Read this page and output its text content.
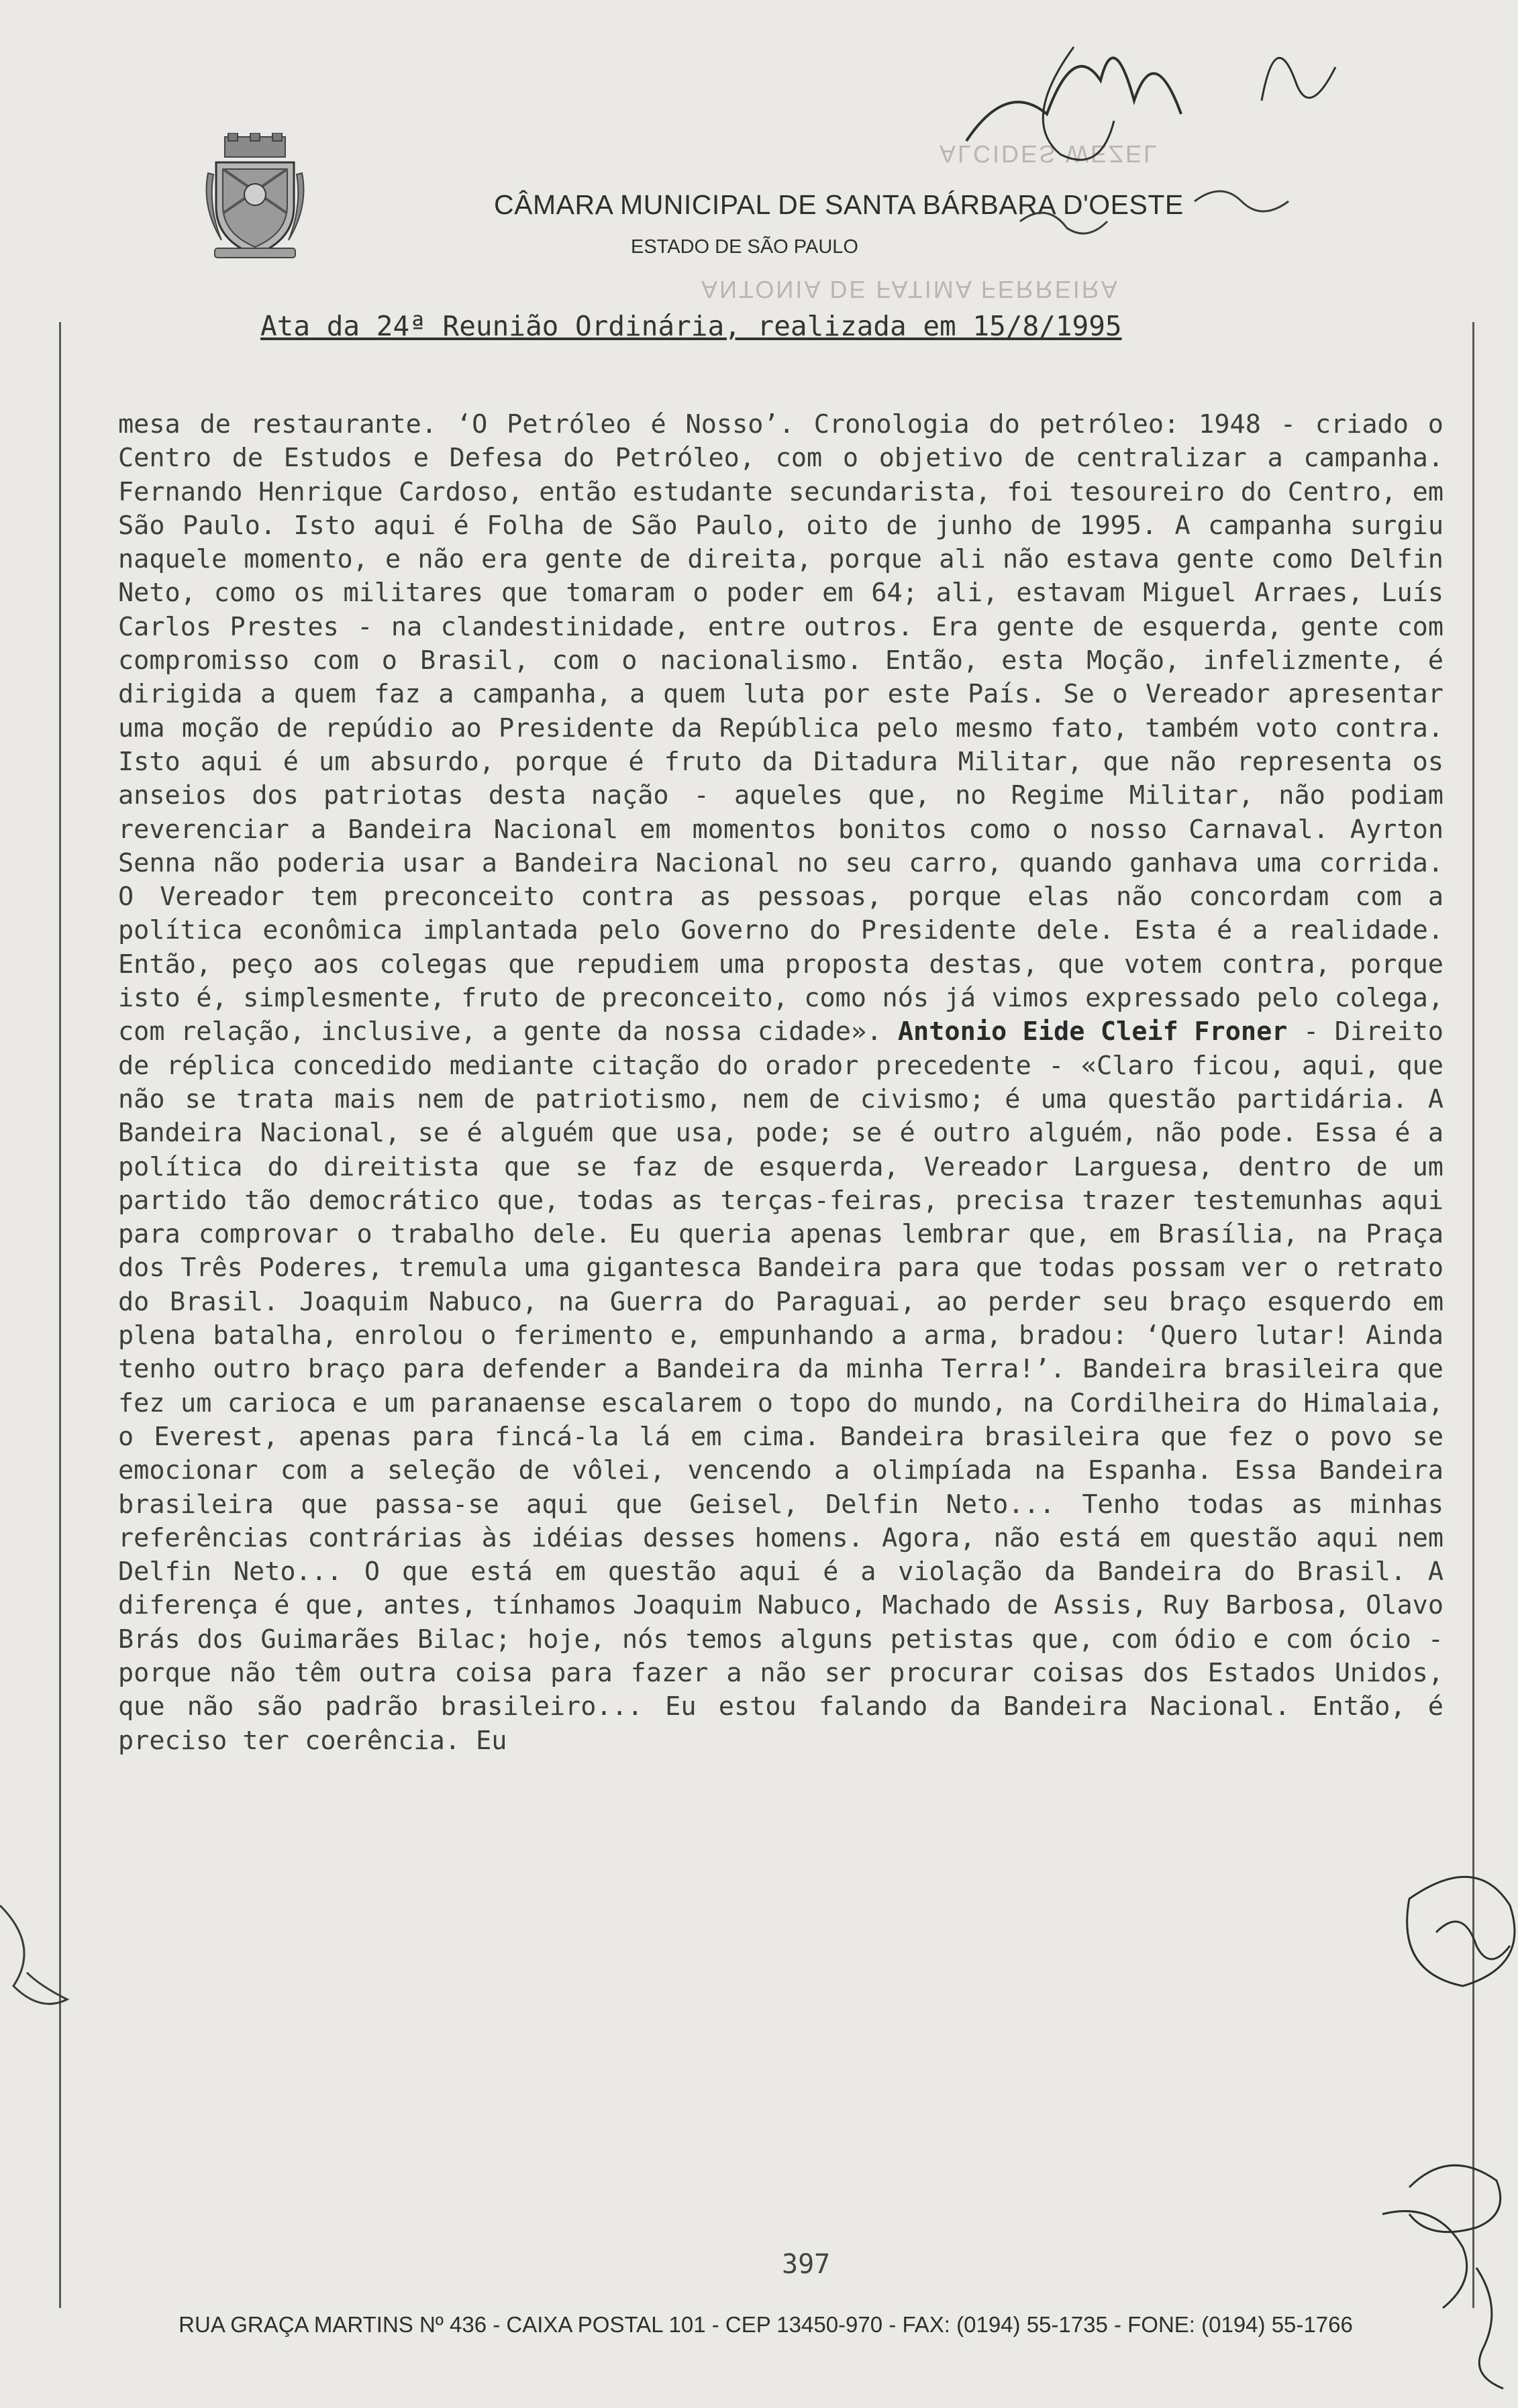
CÂMARA MUNICIPAL DE SANTA BÁRBARA D'OESTE
ESTADO DE SÃO PAULO
Ata da 24ª Reunião Ordinária, realizada em 15/8/1995

mesa de restaurante. ‘O Petróleo é Nosso’. Cronologia do petróleo: 1948 - criado o Centro de Estudos e Defesa do Petróleo, com o objetivo de centralizar a campanha. Fernando Henrique Cardoso, então estudante secundarista, foi tesoureiro do Centro, em São Paulo. Isto aqui é Folha de São Paulo, oito de junho de 1995. A campanha surgiu naquele momento, e não era gente de direita, porque ali não estava gente como Delfin Neto, como os militares que tomaram o poder em 64; ali, estavam Miguel Arraes, Luís Carlos Prestes - na clandestinidade, entre outros. Era gente de esquerda, gente com compromisso com o Brasil, com o nacionalismo. Então, esta Moção, infelizmente, é dirigida a quem faz a campanha, a quem luta por este País. Se o Vereador apresentar uma moção de repúdio ao Presidente da República pelo mesmo fato, também voto contra. Isto aqui é um absurdo, porque é fruto da Ditadura Militar, que não representa os anseios dos patriotas desta nação - aqueles que, no Regime Militar, não podiam reverenciar a Bandeira Nacional em momentos bonitos como o nosso Carnaval. Ayrton Senna não poderia usar a Bandeira Nacional no seu carro, quando ganhava uma corrida. O Vereador tem preconceito contra as pessoas, porque elas não concordam com a política econômica implantada pelo Governo do Presidente dele. Esta é a realidade. Então, peço aos colegas que repudiem uma proposta destas, que votem contra, porque isto é, simplesmente, fruto de preconceito, como nós já vimos expressado pelo colega, com relação, inclusive, a gente da nossa cidade». Antonio Eide Cleif Froner - Direito de réplica concedido mediante citação do orador precedente - «Claro ficou, aqui, que não se trata mais nem de patriotismo, nem de civismo; é uma questão partidária. A Bandeira Nacional, se é alguém que usa, pode; se é outro alguém, não pode. Essa é a política do direitista que se faz de esquerda, Vereador Larguesa, dentro de um partido tão democrático que, todas as terças-feiras, precisa trazer testemunhas aqui para comprovar o trabalho dele. Eu queria apenas lembrar que, em Brasília, na Praça dos Três Poderes, tremula uma gigantesca Bandeira para que todas possam ver o retrato do Brasil. Joaquim Nabuco, na Guerra do Paraguai, ao perder seu braço esquerdo em plena batalha, enrolou o ferimento e, empunhando a arma, bradou: ‘Quero lutar! Ainda tenho outro braço para defender a Bandeira da minha Terra!’. Bandeira brasileira que fez um carioca e um paranaense escalarem o topo do mundo, na Cordilheira do Himalaia, o Everest, apenas para fincá-la lá em cima. Bandeira brasileira que fez o povo se emocionar com a seleção de vôlei, vencendo a olimpíada na Espanha. Essa Bandeira brasileira que passa-se aqui que Geisel, Delfin Neto... Tenho todas as minhas referências contrárias às idéias desses homens. Agora, não está em questão aqui nem Delfin Neto... O que está em questão aqui é a violação da Bandeira do Brasil. A diferença é que, antes, tínhamos Joaquim Nabuco, Machado de Assis, Ruy Barbosa, Olavo Brás dos Guimarães Bilac; hoje, nós temos alguns petistas que, com ódio e com ócio - porque não têm outra coisa para fazer a não ser procurar coisas dos Estados Unidos, que não são padrão brasileiro... Eu estou falando da Bandeira Nacional. Então, é preciso ter coerência. Eu

397
RUA GRAÇA MARTINS Nº 436 - CAIXA POSTAL 101 - CEP 13450-970 - FAX: (0194) 55-1735 - FONE: (0194) 55-1766
ALCIDES WEZEL
ANTONIA DE FATIMA FERREIRA
